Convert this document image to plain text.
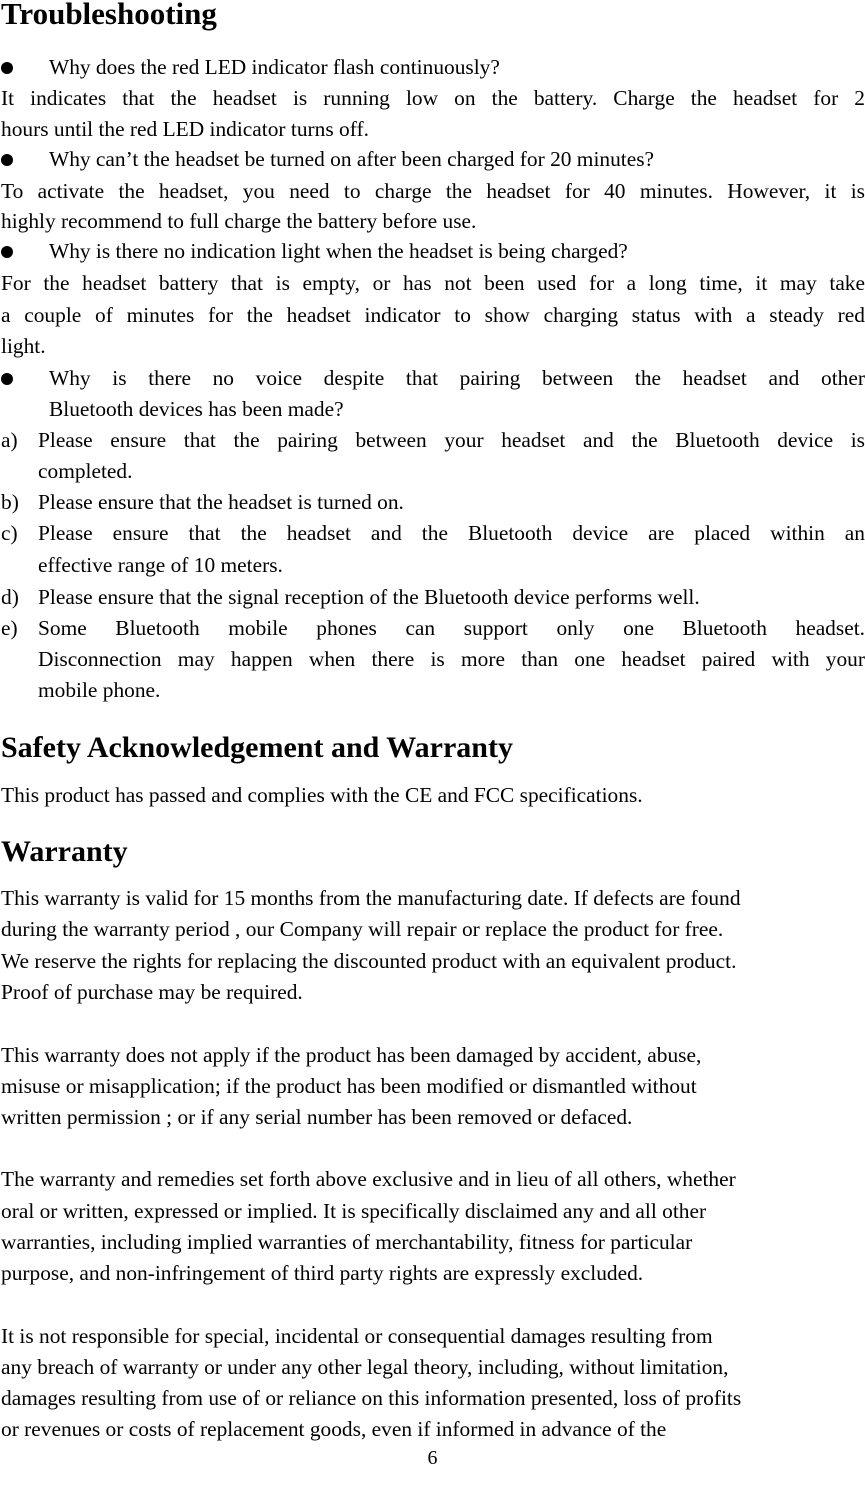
Troubleshooting
Why does the red LED indicator flash continuously?
It indicates that the headset is running low on the battery. Charge the headset for 2
hours until the red LED indicator turns off.
Why can’t the headset be turned on after been charged for 20 minutes?
To activate the headset, you need to charge the headset for 40 minutes. However, it is
highly recommend to full charge the battery before use.
Why is there no indication light when the headset is being charged?
For the headset battery that is empty, or has not been used for a long time, it may take
a couple of minutes for the headset indicator to show charging status with a steady red
light.
Why is there no voice despite that pairing between the headset and other
Bluetooth devices has been made?
a) Please ensure that the pairing between your headset and the Bluetooth device is
completed.
b) Please ensure that the headset is turned on.
c) Please ensure that the headset and the Bluetooth device are placed within an
effective range of 10 meters.
d) Please ensure that the signal reception of the Bluetooth device performs well.
e) Some Bluetooth mobile phones can support only one Bluetooth headset.
Disconnection may happen when there is more than one headset paired with your
mobile phone.
Safety Acknowledgement and Warranty
This product has passed and complies with the CE and FCC specifications.
Warranty
This warranty is valid for 15 months from the manufacturing date. If defects are found
during the warranty period , our Company will repair or replace the product for free.
We reserve the rights for replacing the discounted product with an equivalent product.
Proof of purchase may be required.
This warranty does not apply if the product has been damaged by accident, abuse,
misuse or misapplication; if the product has been modified or dismantled without
written permission ; or if any serial number has been removed or defaced.
The warranty and remedies set forth above exclusive and in lieu of all others, whether
oral or written, expressed or implied. It is specifically disclaimed any and all other
warranties, including implied warranties of merchantability, fitness for particular
purpose, and non-infringement of third party rights are expressly excluded.
It is not responsible for special, incidental or consequential damages resulting from
any breach of warranty or under any other legal theory, including, without limitation,
damages resulting from use of or reliance on this information presented, loss of profits
or revenues or costs of replacement goods, even if informed in advance of the
6
